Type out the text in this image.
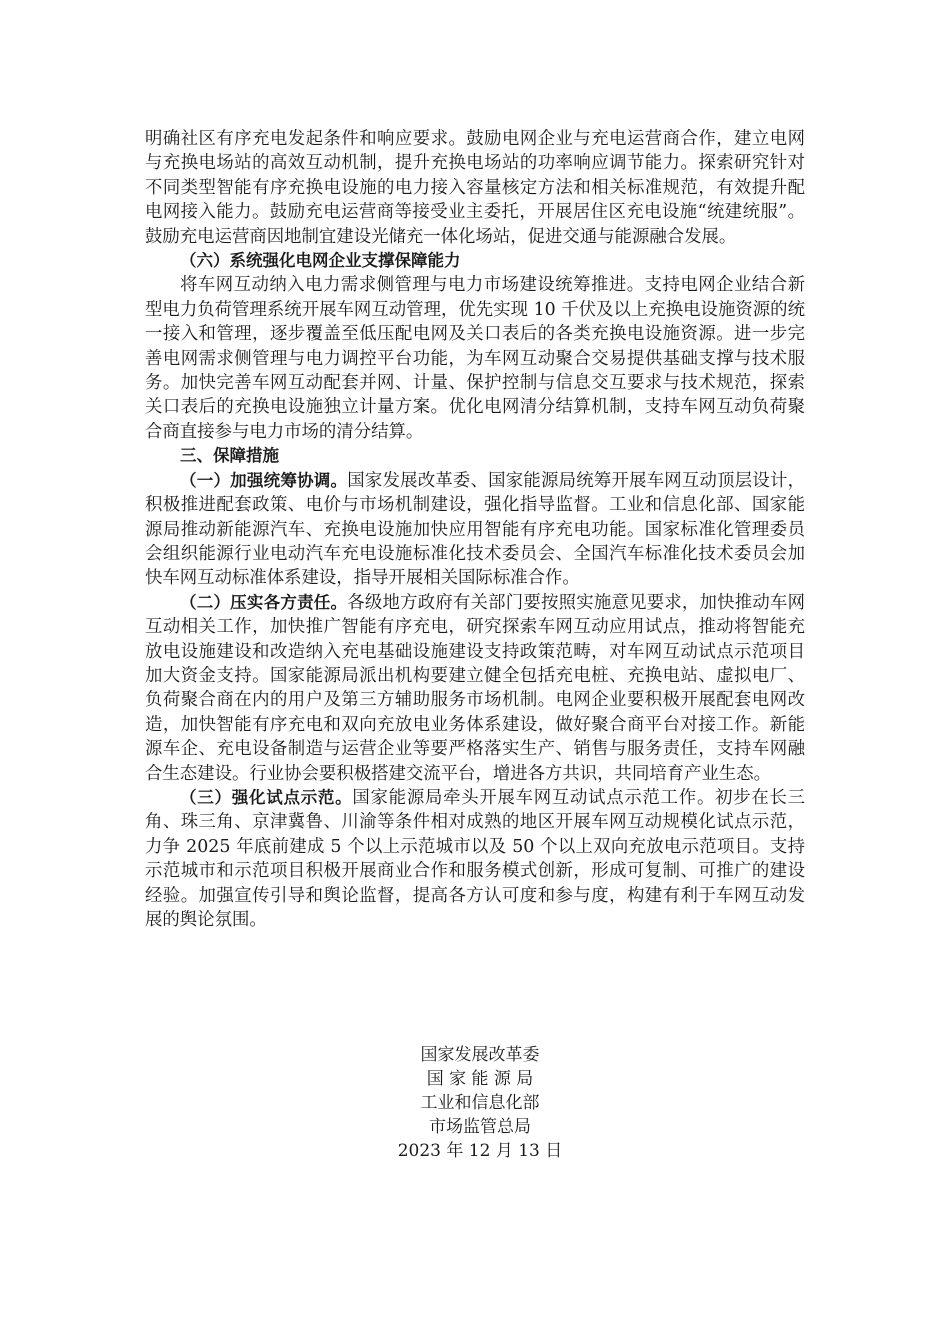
明确社区有序充电发起条件和响应要求。鼓励电网企业与充电运营商合作，建立电网与充换电场站的高效互动机制，提升充换电场站的功率响应调节能力。探索研究针对不同类型智能有序充换电设施的电力接入容量核定方法和相关标准规范，有效提升配电网接入能力。鼓励充电运营商等接受业主委托，开展居住区充电设施“统建统服”。鼓励充电运营商因地制宜建设光储充一体化场站，促进交通与能源融合发展。

（六）系统强化电网企业支撑保障能力

将车网互动纳入电力需求侧管理与电力市场建设统筹推进。支持电网企业结合新型电力负荷管理系统开展车网互动管理，优先实现 10 千伏及以上充换电设施资源的统一接入和管理，逐步覆盖至低压配电网及关口表后的各类充换电设施资源。进一步完善电网需求侧管理与电力调控平台功能，为车网互动聚合交易提供基础支撑与技术服务。加快完善车网互动配套并网、计量、保护控制与信息交互要求与技术规范，探索关口表后的充换电设施独立计量方案。优化电网清分结算机制，支持车网互动负荷聚合商直接参与电力市场的清分结算。

三、保障措施

（一）加强统筹协调。国家发展改革委、国家能源局统筹开展车网互动顶层设计，积极推进配套政策、电价与市场机制建设，强化指导监督。工业和信息化部、国家能源局推动新能源汽车、充换电设施加快应用智能有序充电功能。国家标准化管理委员会组织能源行业电动汽车充电设施标准化技术委员会、全国汽车标准化技术委员会加快车网互动标准体系建设，指导开展相关国际标准合作。

（二）压实各方责任。各级地方政府有关部门要按照实施意见要求，加快推动车网互动相关工作，加快推广智能有序充电，研究探索车网互动应用试点，推动将智能充放电设施建设和改造纳入充电基础设施建设支持政策范畴，对车网互动试点示范项目加大资金支持。国家能源局派出机构要建立健全包括充电桩、充换电站、虚拟电厂、负荷聚合商在内的用户及第三方辅助服务市场机制。电网企业要积极开展配套电网改造，加快智能有序充电和双向充放电业务体系建设，做好聚合商平台对接工作。新能源车企、充电设备制造与运营企业等要严格落实生产、销售与服务责任，支持车网融合生态建设。行业协会要积极搭建交流平台，增进各方共识，共同培育产业生态。

（三）强化试点示范。国家能源局牵头开展车网互动试点示范工作。初步在长三角、珠三角、京津冀鲁、川渝等条件相对成熟的地区开展车网互动规模化试点示范，力争 2025 年底前建成 5 个以上示范城市以及 50 个以上双向充放电示范项目。支持示范城市和示范项目积极开展商业合作和服务模式创新，形成可复制、可推广的建设经验。加强宣传引导和舆论监督，提高各方认可度和参与度，构建有利于车网互动发展的舆论氛围。

国家发展改革委
国 家 能 源 局
工业和信息化部
市场监管总局
2023 年 12 月 13 日
